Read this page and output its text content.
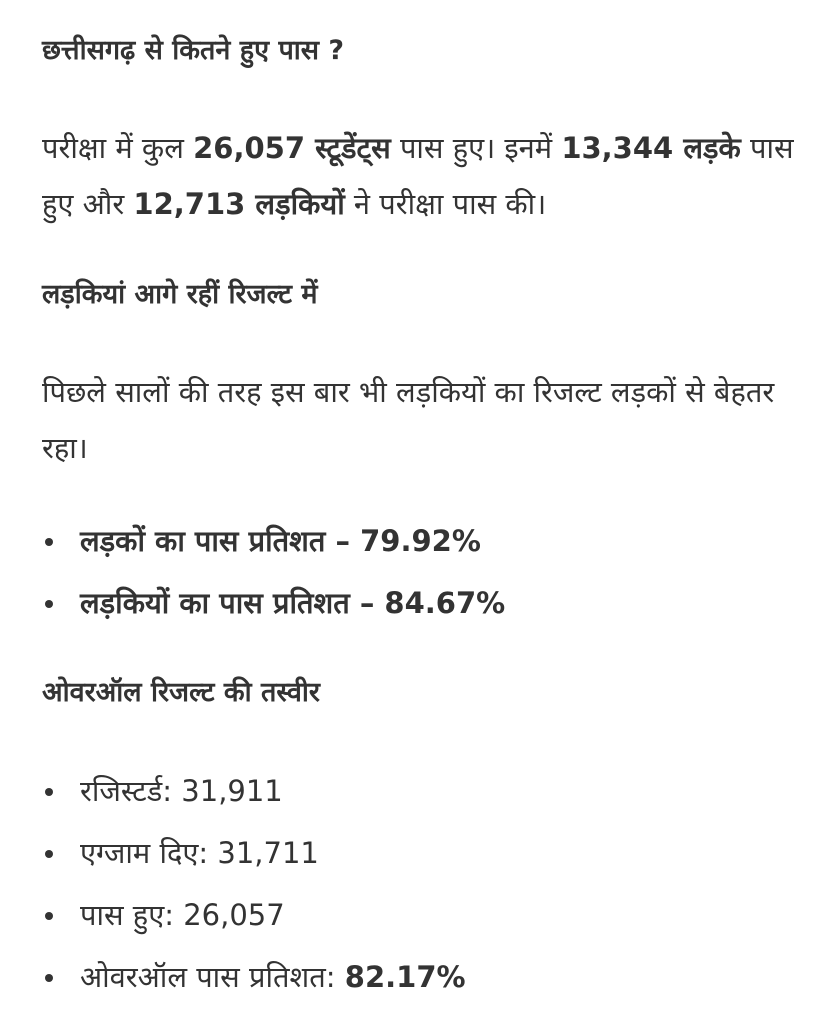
छत्तीसगढ़ से कितने हुए पास ?

परीक्षा में कुल 26,057 स्टूडेंट्स पास हुए। इनमें 13,344 लड़के पास हुए और 12,713 लड़कियों ने परीक्षा पास की।

लड़कियां आगे रहीं रिजल्ट में

पिछले सालों की तरह इस बार भी लड़कियों का रिजल्ट लड़कों से बेहतर रहा।

लड़कों का पास प्रतिशत – 79.92%
लड़कियों का पास प्रतिशत – 84.67%
ओवरऑल रिजल्ट की तस्वीर
रजिस्टर्ड: 31,911
एग्जाम दिए: 31,711
पास हुए: 26,057
ओवरऑल पास प्रतिशत: 82.17%
